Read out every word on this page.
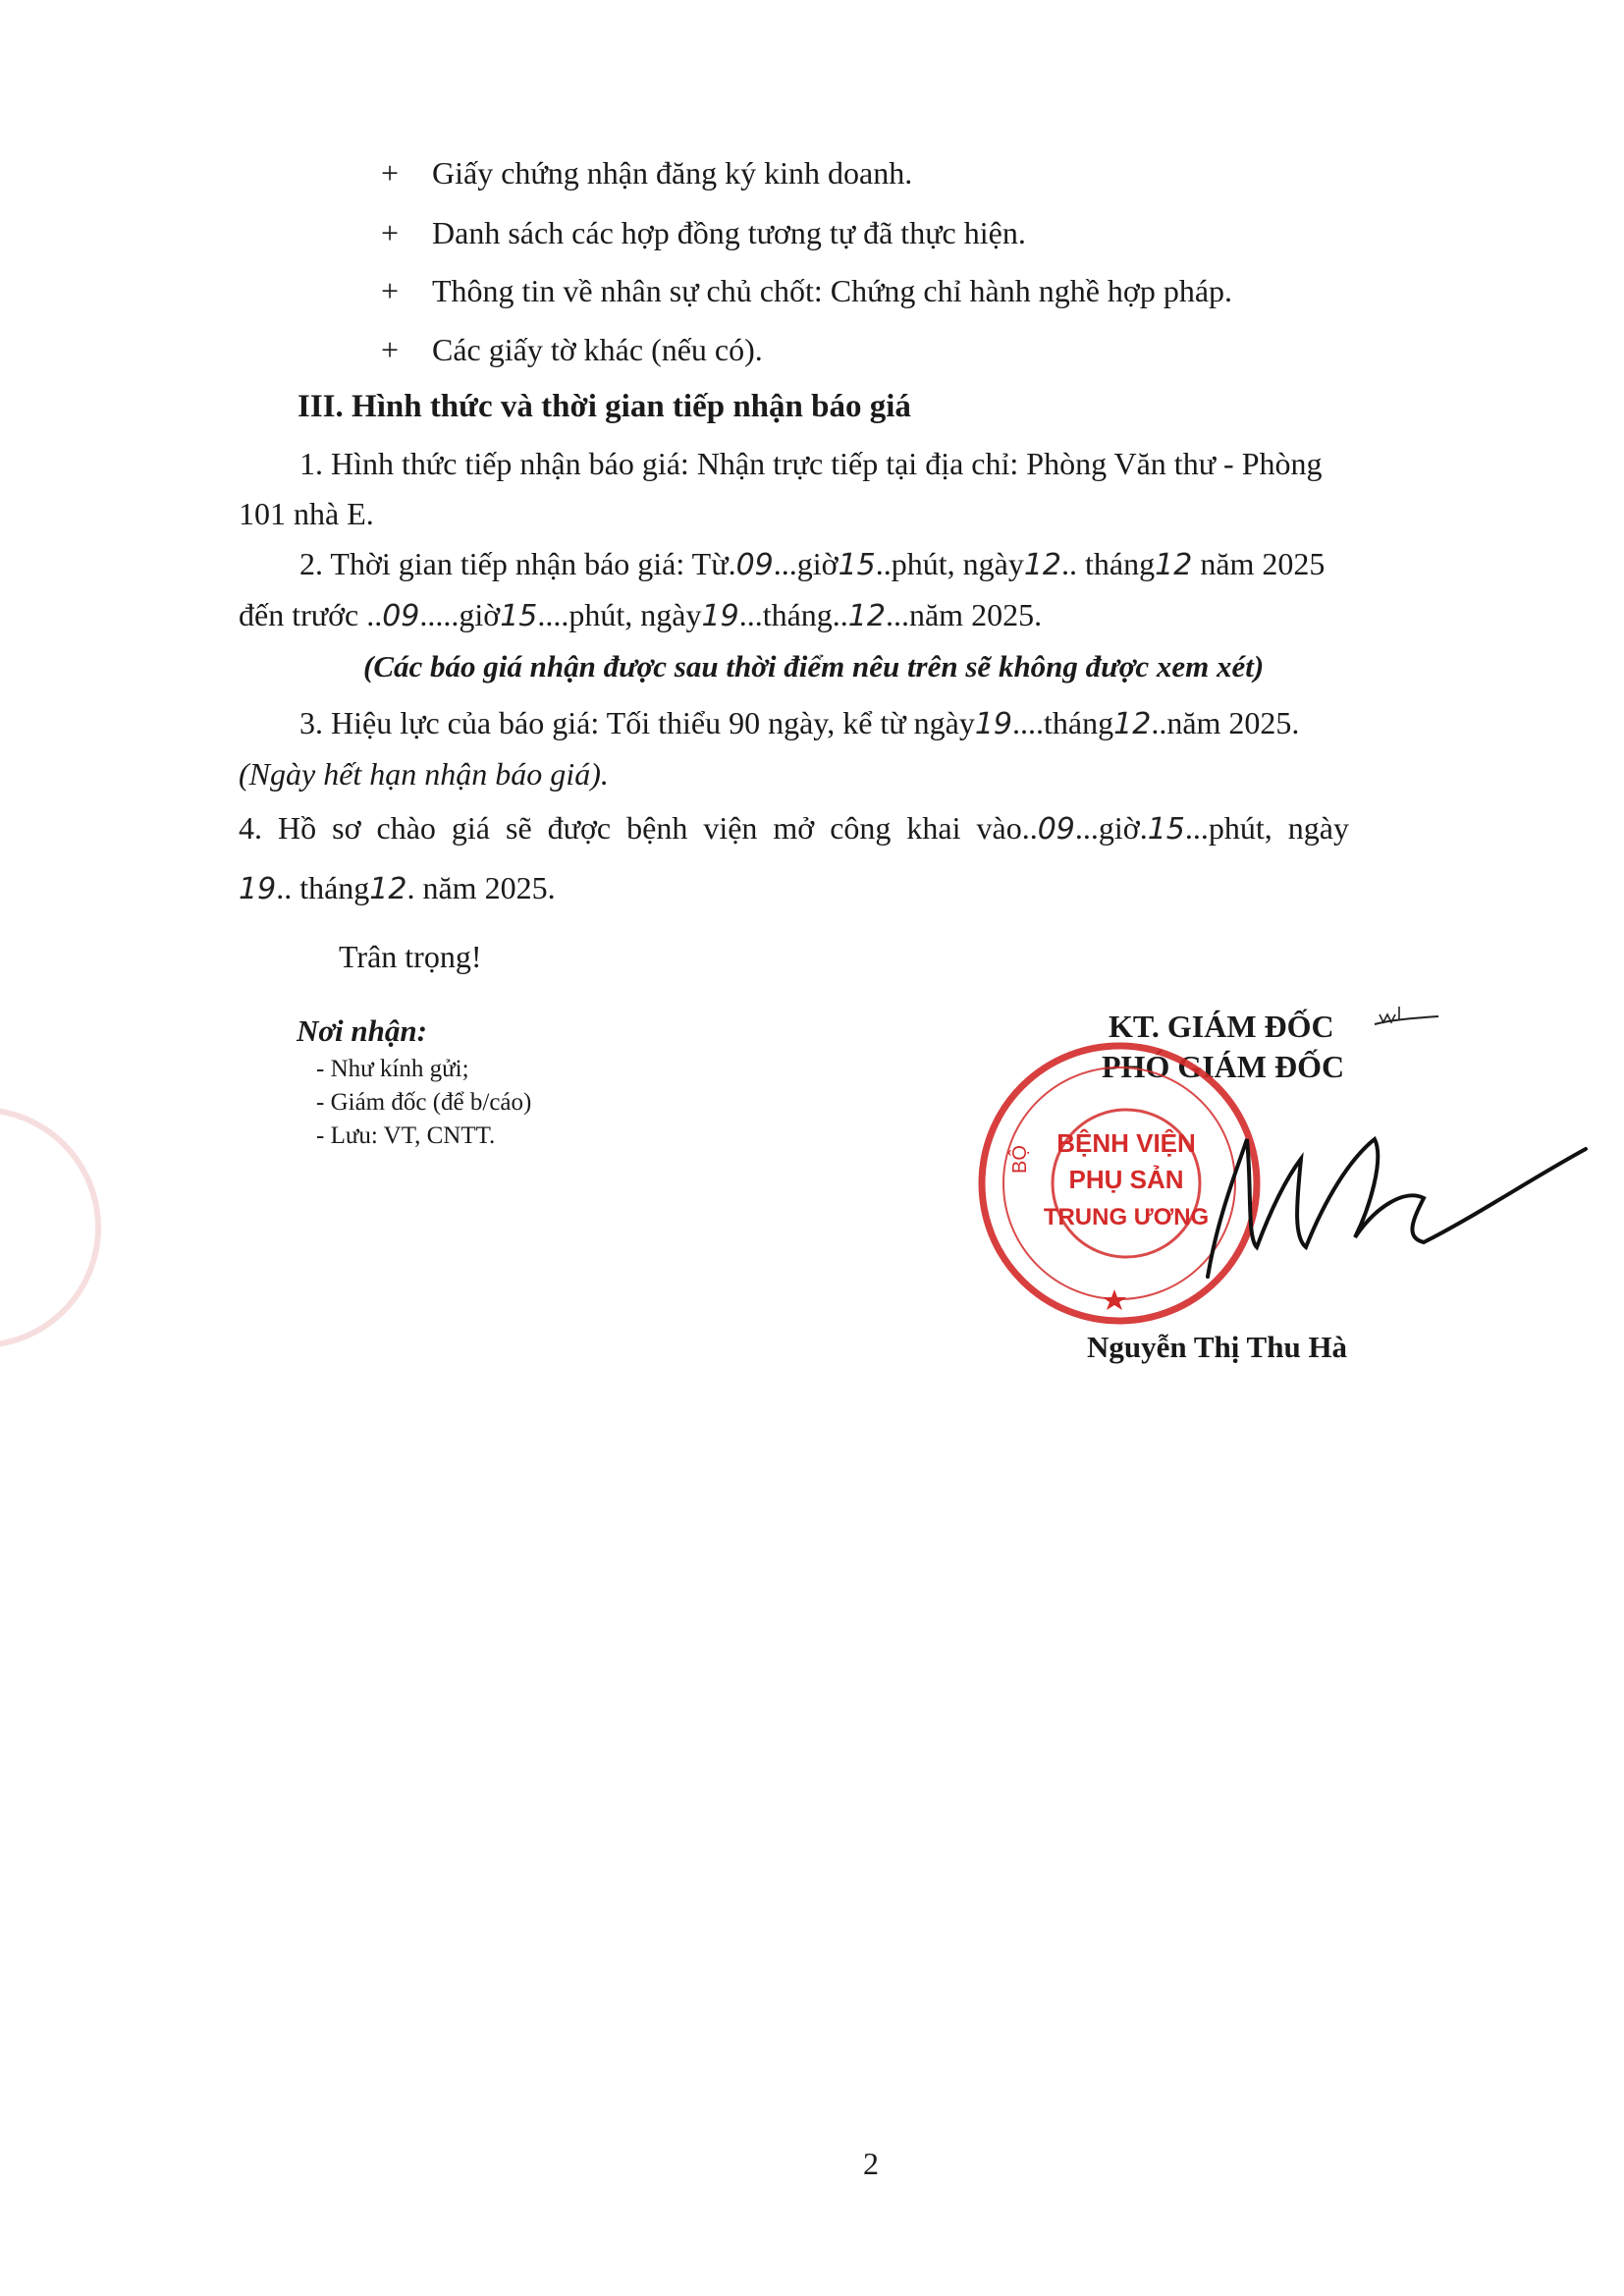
+ Giấy chứng nhận đăng ký kinh doanh.
+ Danh sách các hợp đồng tương tự đã thực hiện.
+ Thông tin về nhân sự chủ chốt: Chứng chỉ hành nghề hợp pháp.
+ Các giấy tờ khác (nếu có).
III. Hình thức và thời gian tiếp nhận báo giá
1. Hình thức tiếp nhận báo giá: Nhận trực tiếp tại địa chỉ: Phòng Văn thư - Phòng
101 nhà E.
2. Thời gian tiếp nhận báo giá: Từ.09...giờ15..phút, ngày12.. tháng12 năm 2025
đến trước ..09.....giờ15....phút, ngày19...tháng..12...năm 2025.
(Các báo giá nhận được sau thời điểm nêu trên sẽ không được xem xét)
3. Hiệu lực của báo giá: Tối thiểu 90 ngày, kể từ ngày19....tháng12..năm 2025.
(Ngày hết hạn nhận báo giá).
4. Hồ sơ chào giá sẽ được bệnh viện mở công khai vào..09...giờ.15...phút, ngày
19.. tháng12. năm 2025.
Trân trọng!
Nơi nhận:
- Như kính gửi;
- Giám đốc (để b/cáo)
- Lưu: VT, CNTT.
KT. GIÁM ĐỐC
PHÓ GIÁM ĐỐC
BỘ
BỆNH VIỆN
PHỤ SẢN
TRUNG ƯƠNG
Nguyễn Thị Thu Hà
2
